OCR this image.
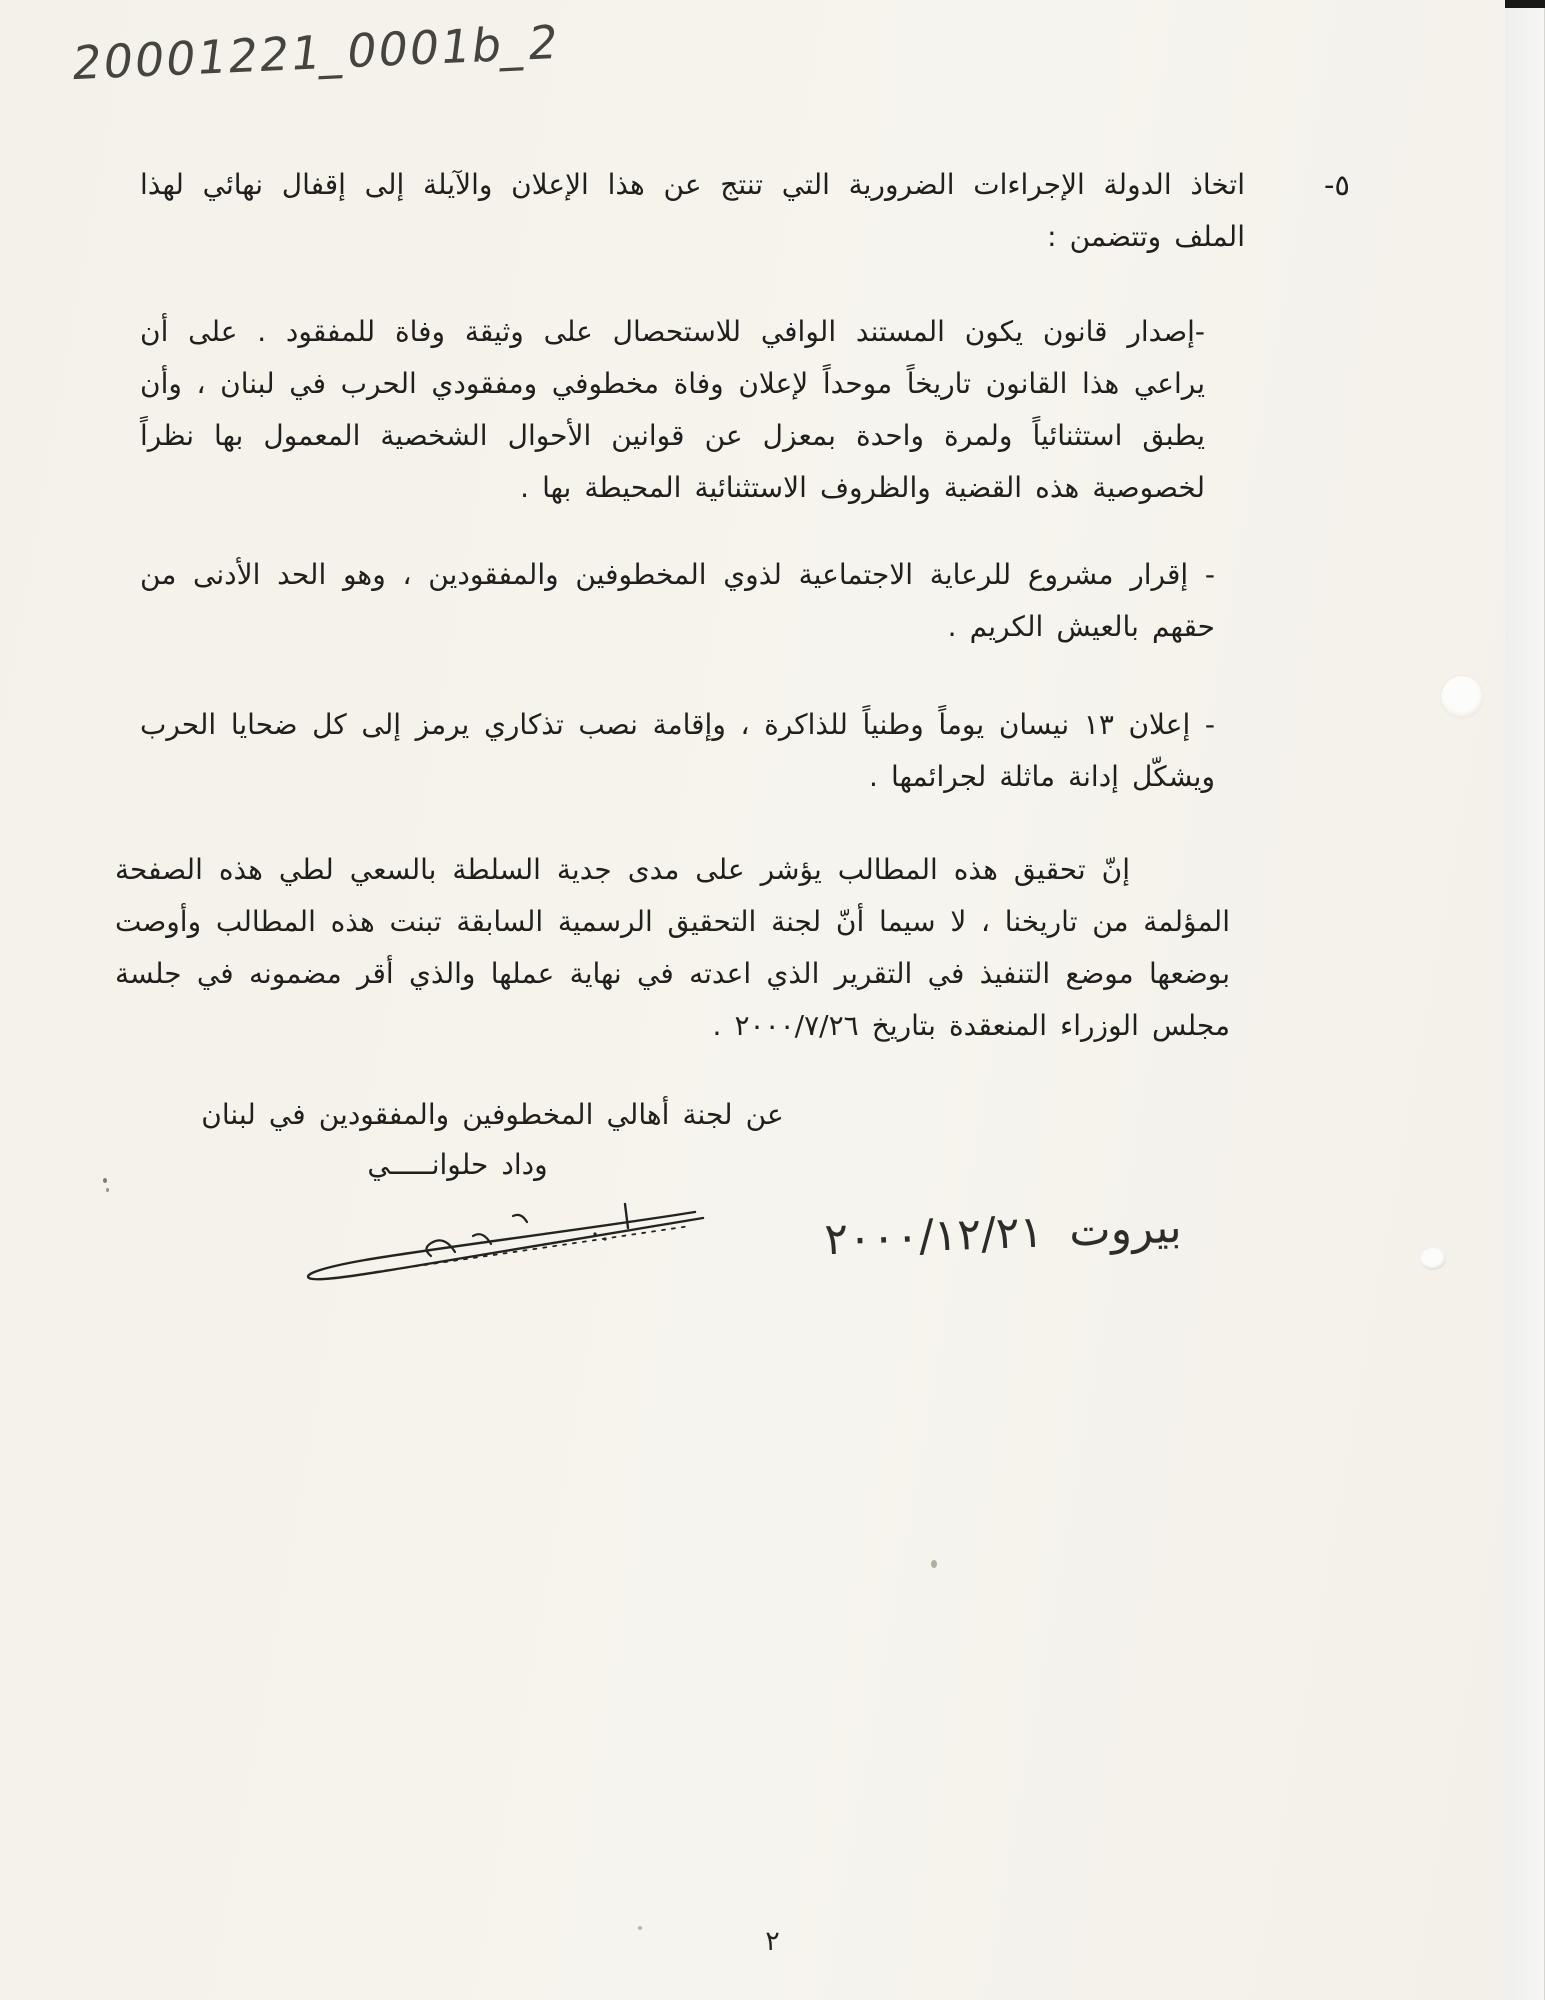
20001221_0001b_2
٥-
اتخاذ الدولة الإجراءات الضرورية التي تنتج عن هذا الإعلان والآيلة إلى إقفال نهائي لهذا الملف وتتضمن :
-إصدار قانون يكون المستند الوافي للاستحصال على وثيقة وفاة للمفقود . على أن يراعي هذا القانون تاريخاً موحداً لإعلان وفاة مخطوفي ومفقودي الحرب في لبنان ، وأن يطبق استثنائياً ولمرة واحدة بمعزل عن قوانين الأحوال الشخصية المعمول بها نظراً لخصوصية هذه القضية والظروف الاستثنائية المحيطة بها .
- إقرار مشروع للرعاية الاجتماعية لذوي المخطوفين والمفقودين ، وهو الحد الأدنى من حقهم بالعيش الكريم .
- إعلان ١٣ نيسان يوماً وطنياً للذاكرة ، وإقامة نصب تذكاري يرمز إلى كل ضحايا الحرب ويشكّل إدانة ماثلة لجرائمها .
إنّ تحقيق هذه المطالب يؤشر على مدى جدية السلطة بالسعي لطي هذه الصفحة المؤلمة من تاريخنا ، لا سيما أنّ لجنة التحقيق الرسمية السابقة تبنت هذه المطالب وأوصت بوضعها موضع التنفيذ في التقرير الذي اعدته في نهاية عملها والذي أقر مضمونه في جلسة مجلس الوزراء المنعقدة بتاريخ ٢٠٠٠/٧/٢٦ .
عن لجنة أهالي المخطوفين والمفقودين في لبنان
وداد حلوانـــــي
بيروت ٢٠٠٠/١٢/٢١
٢
